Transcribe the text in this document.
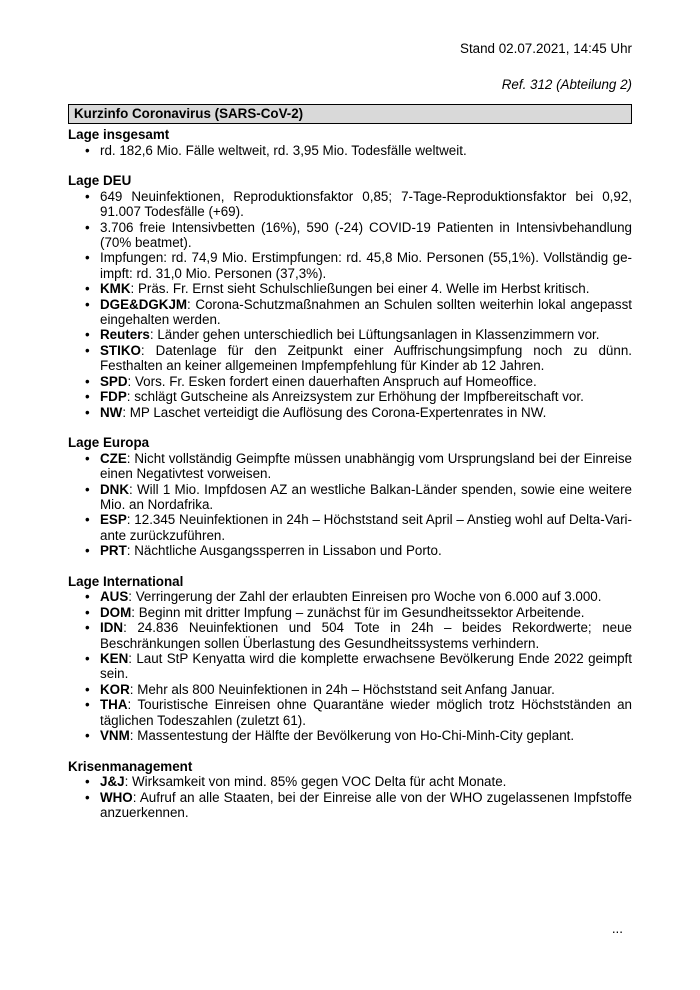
Stand 02.07.2021, 14:45 Uhr
Ref. 312 (Abteilung 2)
Kurzinfo Coronavirus (SARS-CoV-2)
Lage insgesamt
• rd. 182,6 Mio. Fälle weltweit, rd. 3,95 Mio. Todesfälle weltweit.
Lage DEU
• 649 Neuinfektionen, Reproduktionsfaktor 0,85; 7-Tage-Reproduktionsfaktor bei 0,92, 91.007 Todesfälle (+69).
• 3.706 freie Intensivbetten (16%), 590 (-24) COVID-19 Patienten in Intensivbehandlung (70% beatmet).
• Impfungen: rd. 74,9 Mio. Erstimpfungen: rd. 45,8 Mio. Personen (55,1%). Vollständig geimpft: rd. 31,0 Mio. Personen (37,3%).
• KMK: Präs. Fr. Ernst sieht Schulschließungen bei einer 4. Welle im Herbst kritisch.
• DGE&DGKJM: Corona-Schutzmaßnahmen an Schulen sollten weiterhin lokal angepasst eingehalten werden.
• Reuters: Länder gehen unterschiedlich bei Lüftungsanlagen in Klassenzimmern vor.
• STIKO: Datenlage für den Zeitpunkt einer Auffrischungsimpfung noch zu dünn. Festhalten an keiner allgemeinen Impfempfehlung für Kinder ab 12 Jahren.
• SPD: Vors. Fr. Esken fordert einen dauerhaften Anspruch auf Homeoffice.
• FDP: schlägt Gutscheine als Anreizsystem zur Erhöhung der Impfbereitschaft vor.
• NW: MP Laschet verteidigt die Auflösung des Corona-Expertenrates in NW.
Lage Europa
• CZE: Nicht vollständig Geimpfte müssen unabhängig vom Ursprungsland bei der Einreise einen Negativtest vorweisen.
• DNK: Will 1 Mio. Impfdosen AZ an westliche Balkan-Länder spenden, sowie eine weitere Mio. an Nordafrika.
• ESP: 12.345 Neuinfektionen in 24h – Höchststand seit April – Anstieg wohl auf Delta-Variante zurückzuführen.
• PRT: Nächtliche Ausgangssperren in Lissabon und Porto.
Lage International
• AUS: Verringerung der Zahl der erlaubten Einreisen pro Woche von 6.000 auf 3.000.
• DOM: Beginn mit dritter Impfung – zunächst für im Gesundheitssektor Arbeitende.
• IDN: 24.836 Neuinfektionen und 504 Tote in 24h – beides Rekordwerte; neue Beschränkungen sollen Überlastung des Gesundheitssystems verhindern.
• KEN: Laut StP Kenyatta wird die komplette erwachsene Bevölkerung Ende 2022 geimpft sein.
• KOR: Mehr als 800 Neuinfektionen in 24h – Höchststand seit Anfang Januar.
• THA: Touristische Einreisen ohne Quarantäne wieder möglich trotz Höchstständen an täglichen Todeszahlen (zuletzt 61).
• VNM: Massentestung der Hälfte der Bevölkerung von Ho-Chi-Minh-City geplant.
Krisenmanagement
• J&J: Wirksamkeit von mind. 85% gegen VOC Delta für acht Monate.
• WHO: Aufruf an alle Staaten, bei der Einreise alle von der WHO zugelassenen Impfstoffe anzuerkennen.
...
